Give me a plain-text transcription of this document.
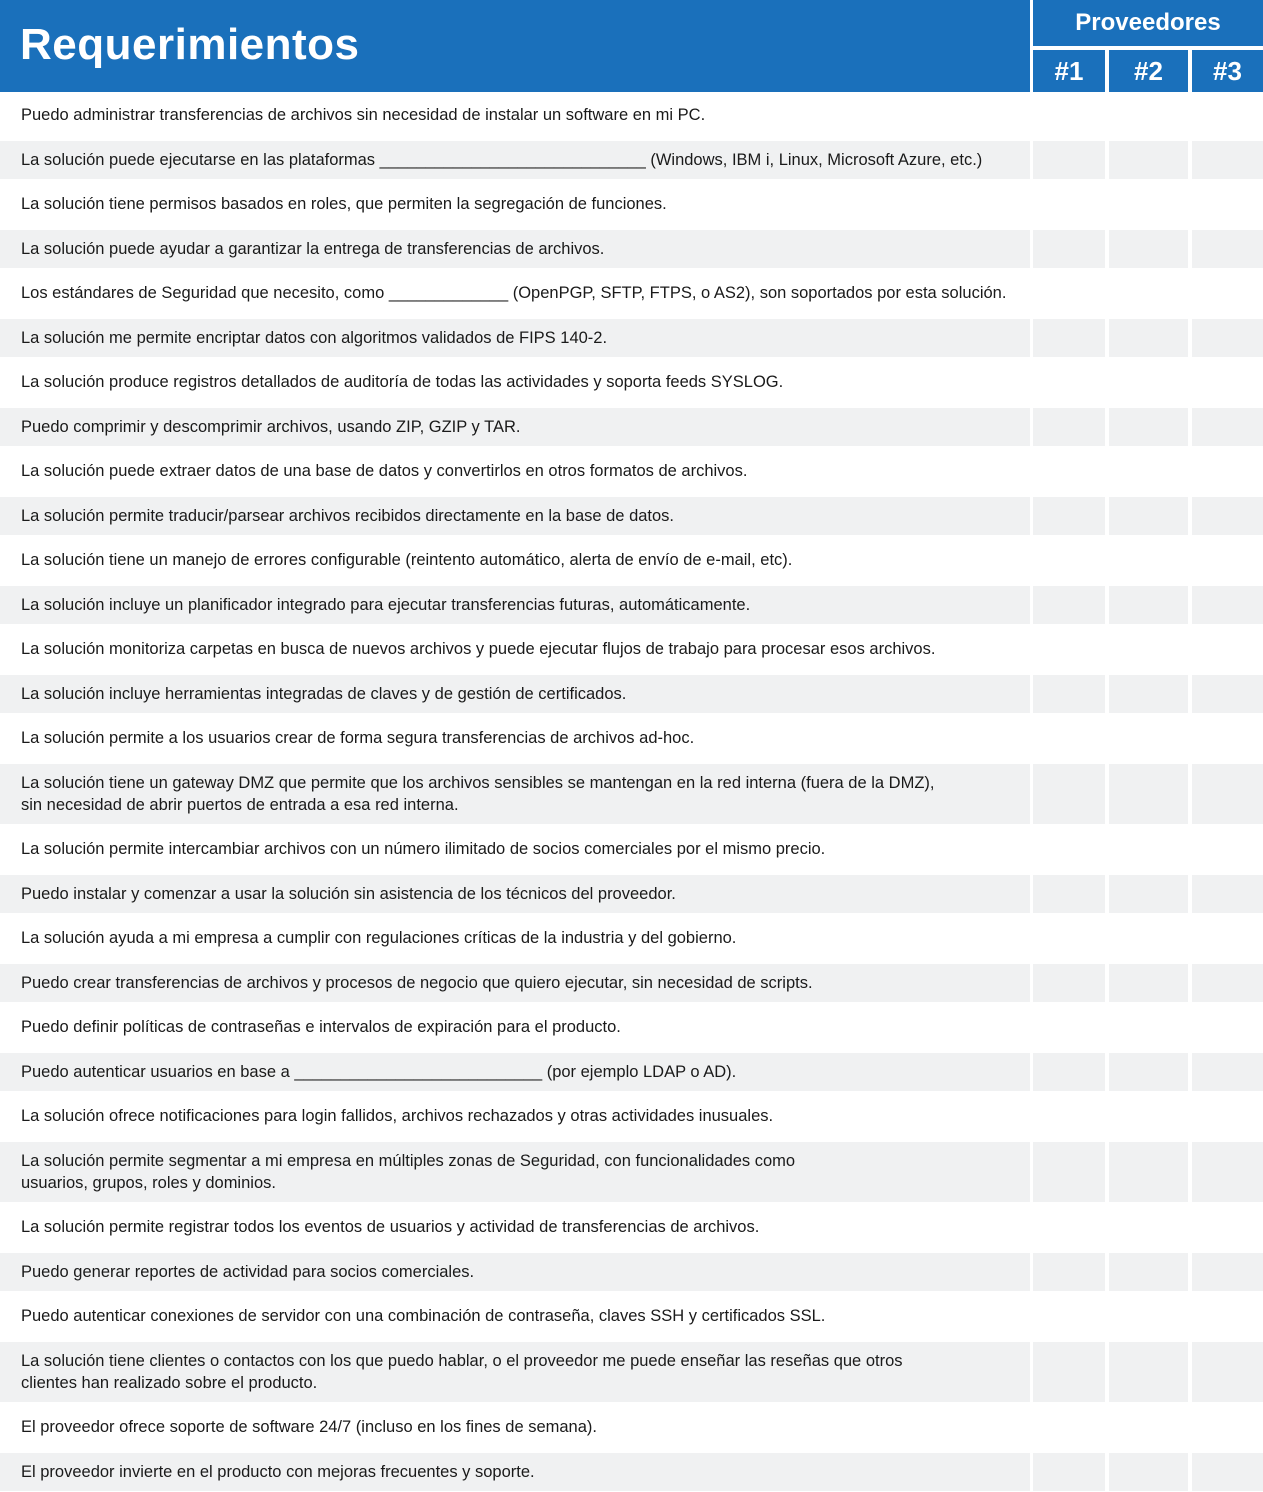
Requerimientos	Proveedores
#1	#2	#3
Puedo administrar transferencias de archivos sin necesidad de instalar un software en mi PC.
La solución puede ejecutarse en las plataformas _____________________________ (Windows, IBM i, Linux, Microsoft Azure, etc.)
La solución tiene permisos basados en roles, que permiten la segregación de funciones.
La solución puede ayudar a garantizar la entrega de transferencias de archivos.
Los estándares de Seguridad que necesito, como _____________ (OpenPGP, SFTP, FTPS, o AS2), son soportados por esta solución.
La solución me permite encriptar datos con algoritmos validados de FIPS 140-2.
La solución produce registros detallados de auditoría de todas las actividades y soporta feeds SYSLOG.
Puedo comprimir y descomprimir archivos, usando ZIP, GZIP y TAR.
La solución puede extraer datos de una base de datos y convertirlos en otros formatos de archivos.
La solución permite traducir/parsear archivos recibidos directamente en la base de datos.
La solución tiene un manejo de errores configurable (reintento automático, alerta de envío de e-mail, etc).
La solución incluye un planificador integrado para ejecutar transferencias futuras, automáticamente.
La solución monitoriza carpetas en busca de nuevos archivos y puede ejecutar flujos de trabajo para procesar esos archivos.
La solución incluye herramientas integradas de claves y de gestión de certificados.
La solución permite a los usuarios crear de forma segura transferencias de archivos ad-hoc.
La solución tiene un gateway DMZ que permite que los archivos sensibles se mantengan en la red interna (fuera de la DMZ),
sin necesidad de abrir puertos de entrada a esa red interna.
La solución permite intercambiar archivos con un número ilimitado de socios comerciales por el mismo precio.
Puedo instalar y comenzar a usar la solución sin asistencia de los técnicos del proveedor.
La solución ayuda a mi empresa a cumplir con regulaciones críticas de la industria y del gobierno.
Puedo crear transferencias de archivos y procesos de negocio que quiero ejecutar, sin necesidad de scripts.
Puedo definir políticas de contraseñas e intervalos de expiración para el producto.
Puedo autenticar usuarios en base a ___________________________ (por ejemplo LDAP o AD).
La solución ofrece notificaciones para login fallidos, archivos rechazados y otras actividades inusuales.
La solución permite segmentar a mi empresa en múltiples zonas de Seguridad, con funcionalidades como
usuarios, grupos, roles y dominios.
La solución permite registrar todos los eventos de usuarios y actividad de transferencias de archivos.
Puedo generar reportes de actividad para socios comerciales.
Puedo autenticar conexiones de servidor con una combinación de contraseña, claves SSH y certificados SSL.
La solución tiene clientes o contactos con los que puedo hablar, o el proveedor me puede enseñar las reseñas que otros
clientes han realizado sobre el producto.
El proveedor ofrece soporte de software 24/7 (incluso en los fines de semana).
El proveedor invierte en el producto con mejoras frecuentes y soporte.
